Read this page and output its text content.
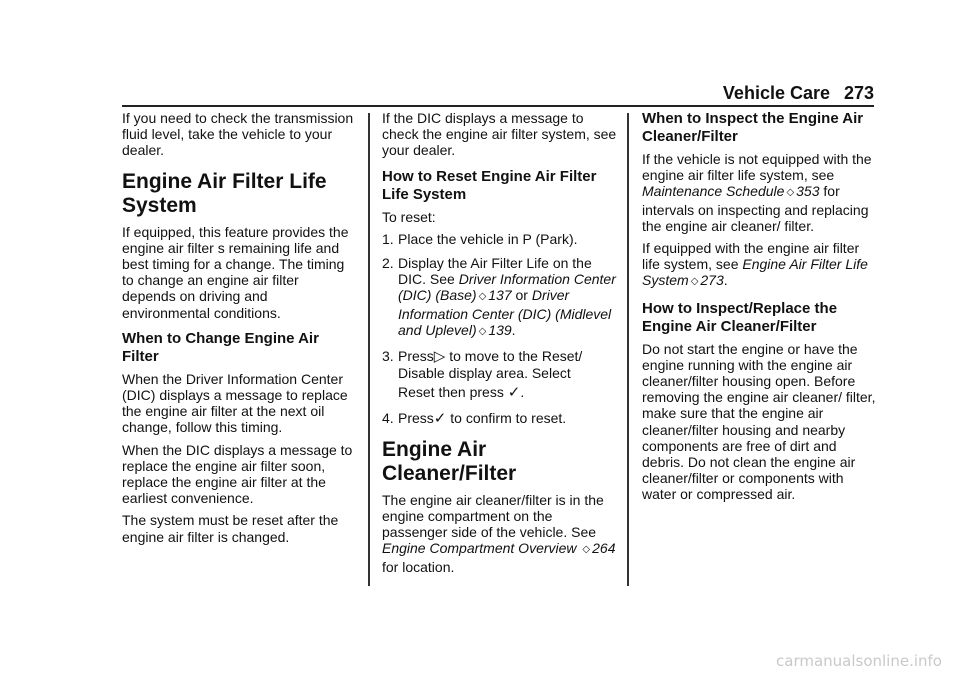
Vehicle Care 273

If you need to check the transmission fluid level, take the vehicle to your dealer.

Engine Air Filter Life System

If equipped, this feature provides the engine air filter s remaining life and best timing for a change. The timing to change an engine air filter depends on driving and environmental conditions.

When to Change Engine Air Filter

When the Driver Information Center (DIC) displays a message to replace the engine air filter at the next oil change, follow this timing.

When the DIC displays a message to replace the engine air filter soon, replace the engine air filter at the earliest convenience.

The system must be reset after the engine air filter is changed.

If the DIC displays a message to check the engine air filter system, see your dealer.

How to Reset Engine Air Filter Life System

To reset:

1. Place the vehicle in P (Park).
2. Display the Air Filter Life on the DIC. See Driver Information Center (DIC) (Base) ◇ 137 or Driver Information Center (DIC) (Midlevel and Uplevel) ◇ 139.
3. Press▷ to move to the Reset/ Disable display area. Select
Reset then press ✓.
4. Press✓ to confirm to reset.
Engine Air Cleaner/Filter

The engine air cleaner/filter is in the engine compartment on the passenger side of the vehicle. See Engine Compartment Overview ◇ 264 for location.

When to Inspect the Engine Air Cleaner/Filter

If the vehicle is not equipped with the engine air filter life system, see Maintenance Schedule ◇ 353 for intervals on inspecting and replacing the engine air cleaner/ filter.

If equipped with the engine air filter life system, see Engine Air Filter Life System ◇ 273.

How to Inspect/Replace the Engine Air Cleaner/Filter

Do not start the engine or have the engine running with the engine air cleaner/filter housing open. Before removing the engine air cleaner/ filter, make sure that the engine air cleaner/filter housing and nearby components are free of dirt and debris. Do not clean the engine air cleaner/filter or components with water or compressed air.

carmanualsonline.info
